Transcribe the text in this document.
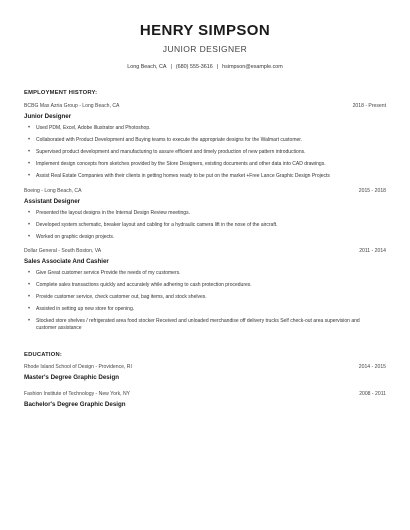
HENRY SIMPSON
JUNIOR DESIGNER
Long Beach, CA | (680) 555-3616 | hsimpson@example.com
EMPLOYMENT HISTORY:
BCBG Max Azria Group - Long Beach, CA	2018 - Present
Junior Designer
• Used PDM, Excel, Adobe Illustrator and Photoshop.
• Collaborated with Product Development and Buying teams to execute the appropriate designs for the Walmart customer.
• Supervised product development and manufacturing to assure efficient and timely production of new pattern introductions.
• Implement design concepts from sketches provided by the Store Designers, existing documents and other data into CAD drawings.
• Assist Real Estate Companies with their clients in getting homes ready to be put on the market +Free Lance Graphic Design Projects
Boeing - Long Beach, CA	2015 - 2018
Assistant Designer
• Presented the layout designs in the Internal Design Review meetings.
• Developed system schematic, breaker layout and cabling for a hydraulic camera lift in the nose of the aircraft.
• Worked on graphic design projects.
Dollar General - South Boston, VA	2011 - 2014
Sales Associate And Cashier
• Give Great customer service Provide the needs of my customers.
• Complete sales transactions quickly and accurately while adhering to cash protection procedures.
• Provide customer service, check customer out, bag items, and stock shelves.
• Assisted in setting up new store for opening.
• Stocked store shelves / refrigerated area food stocker Received and unloaded merchandise off delivery trucks Self check-out area supervision and customer assistance
EDUCATION:
Rhode Island School of Design - Providence, RI	2014 - 2015
Master's Degree Graphic Design
Fashion Institute of Technology - New York, NY	2008 - 2011
Bachelor's Degree Graphic Design
